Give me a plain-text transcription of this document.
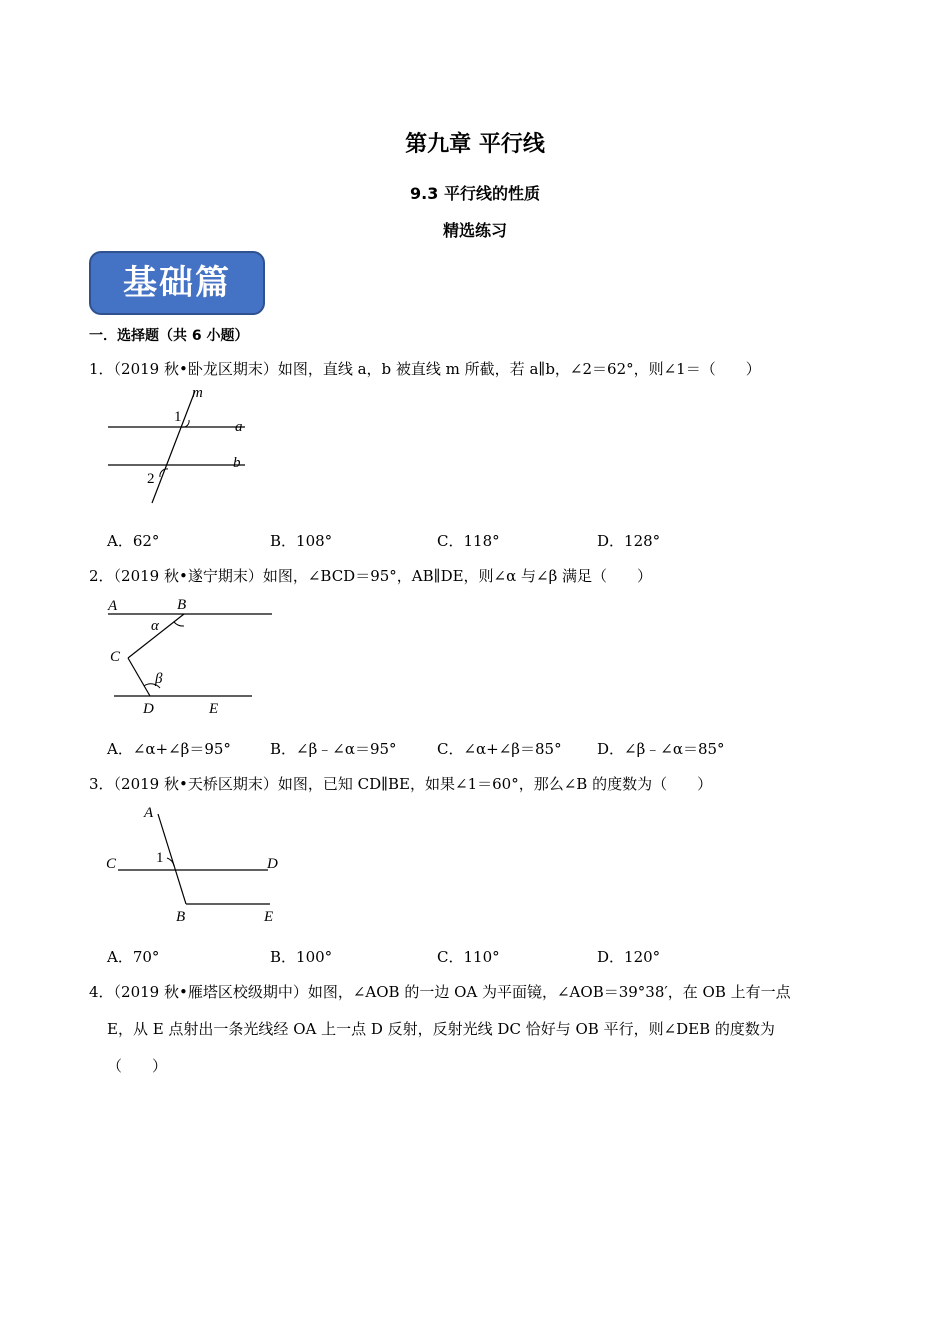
第九章 平行线
9.3 平行线的性质
精选练习
基础篇
一．选择题（共 6 小题）
1．（2019 秋•卧龙区期末）如图，直线 a，b 被直线 m 所截，若 a∥b，∠2＝62°，则∠1＝（　　）
m
1
a
b
2
A．62°	B．108°	C．118°	D．128°
2．（2019 秋•遂宁期末）如图，∠BCD＝95°，AB∥DE，则∠α 与∠β 满足（　　）
A	B
α
C
β
D	E
A．∠α+∠β＝95°	B．∠β﹣∠α＝95°	C．∠α+∠β＝85° D．∠β﹣∠α＝85°
3．（2019 秋•天桥区期末）如图，已知 CD∥BE，如果∠1＝60°，那么∠B 的度数为（　　）
A
C	1	D
B	E
A．70°	B．100°	C．110°	D．120°
4．（2019 秋•雁塔区校级期中）如图，∠AOB 的一边 OA 为平面镜，∠AOB＝39°38′，在 OB 上有一点
E，从 E 点射出一条光线经 OA 上一点 D 反射，反射光线 DC 恰好与 OB 平行，则∠DEB 的度数为
（　　）
